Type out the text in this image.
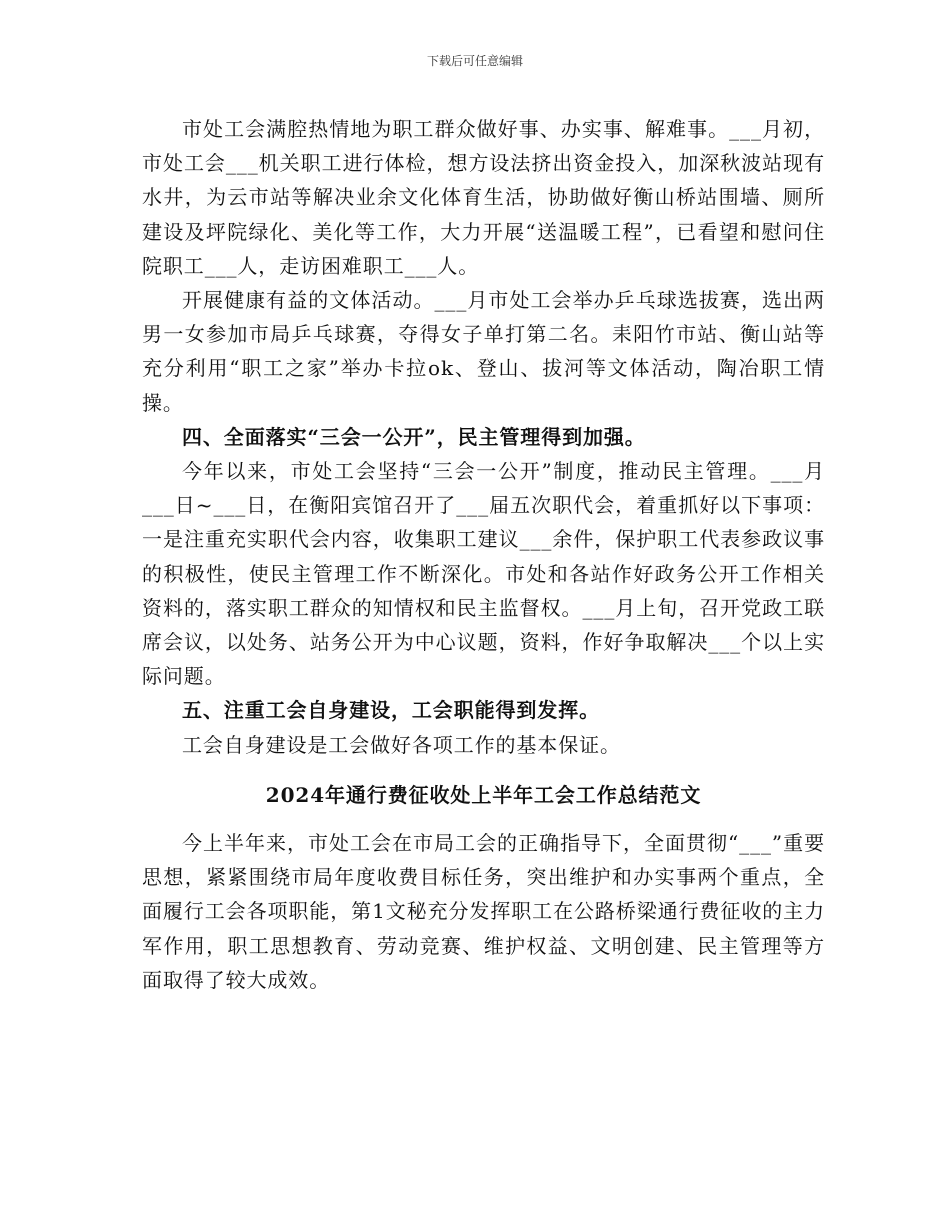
下载后可任意编辑

市处工会满腔热情地为职工群众做好事、办实事、解难事。___月初，市处工会___机关职工进行体检，想方设法挤出资金投入，加深秋波站现有水井，为云市站等解决业余文化体育生活，协助做好衡山桥站围墙、厕所建设及坪院绿化、美化等工作，大力开展“送温暖工程”，已看望和慰问住院职工___人，走访困难职工___人。

开展健康有益的文体活动。___月市处工会举办乒乓球选拔赛，选出两男一女参加市局乒乓球赛，夺得女子单打第二名。耒阳竹市站、衡山站等充分利用“职工之家”举办卡拉ok、登山、拔河等文体活动，陶冶职工情操。

四、全面落实“三会一公开”，民主管理得到加强。

今年以来，市处工会坚持“三会一公开”制度，推动民主管理。___月___日~___日，在衡阳宾馆召开了___届五次职代会，着重抓好以下事项：一是注重充实职代会内容，收集职工建议___余件，保护职工代表参政议事的积极性，使民主管理工作不断深化。市处和各站作好政务公开工作相关资料的，落实职工群众的知情权和民主监督权。___月上旬，召开党政工联席会议，以处务、站务公开为中心议题，资料，作好争取解决___个以上实际问题。

五、注重工会自身建设，工会职能得到发挥。

工会自身建设是工会做好各项工作的基本保证。

2024年通行费征收处上半年工会工作总结范文

今上半年来，市处工会在市局工会的正确指导下，全面贯彻“___”重要思想，紧紧围绕市局年度收费目标任务，突出维护和办实事两个重点，全面履行工会各项职能，第1文秘充分发挥职工在公路桥梁通行费征收的主力军作用，职工思想教育、劳动竞赛、维护权益、文明创建、民主管理等方面取得了较大成效。
